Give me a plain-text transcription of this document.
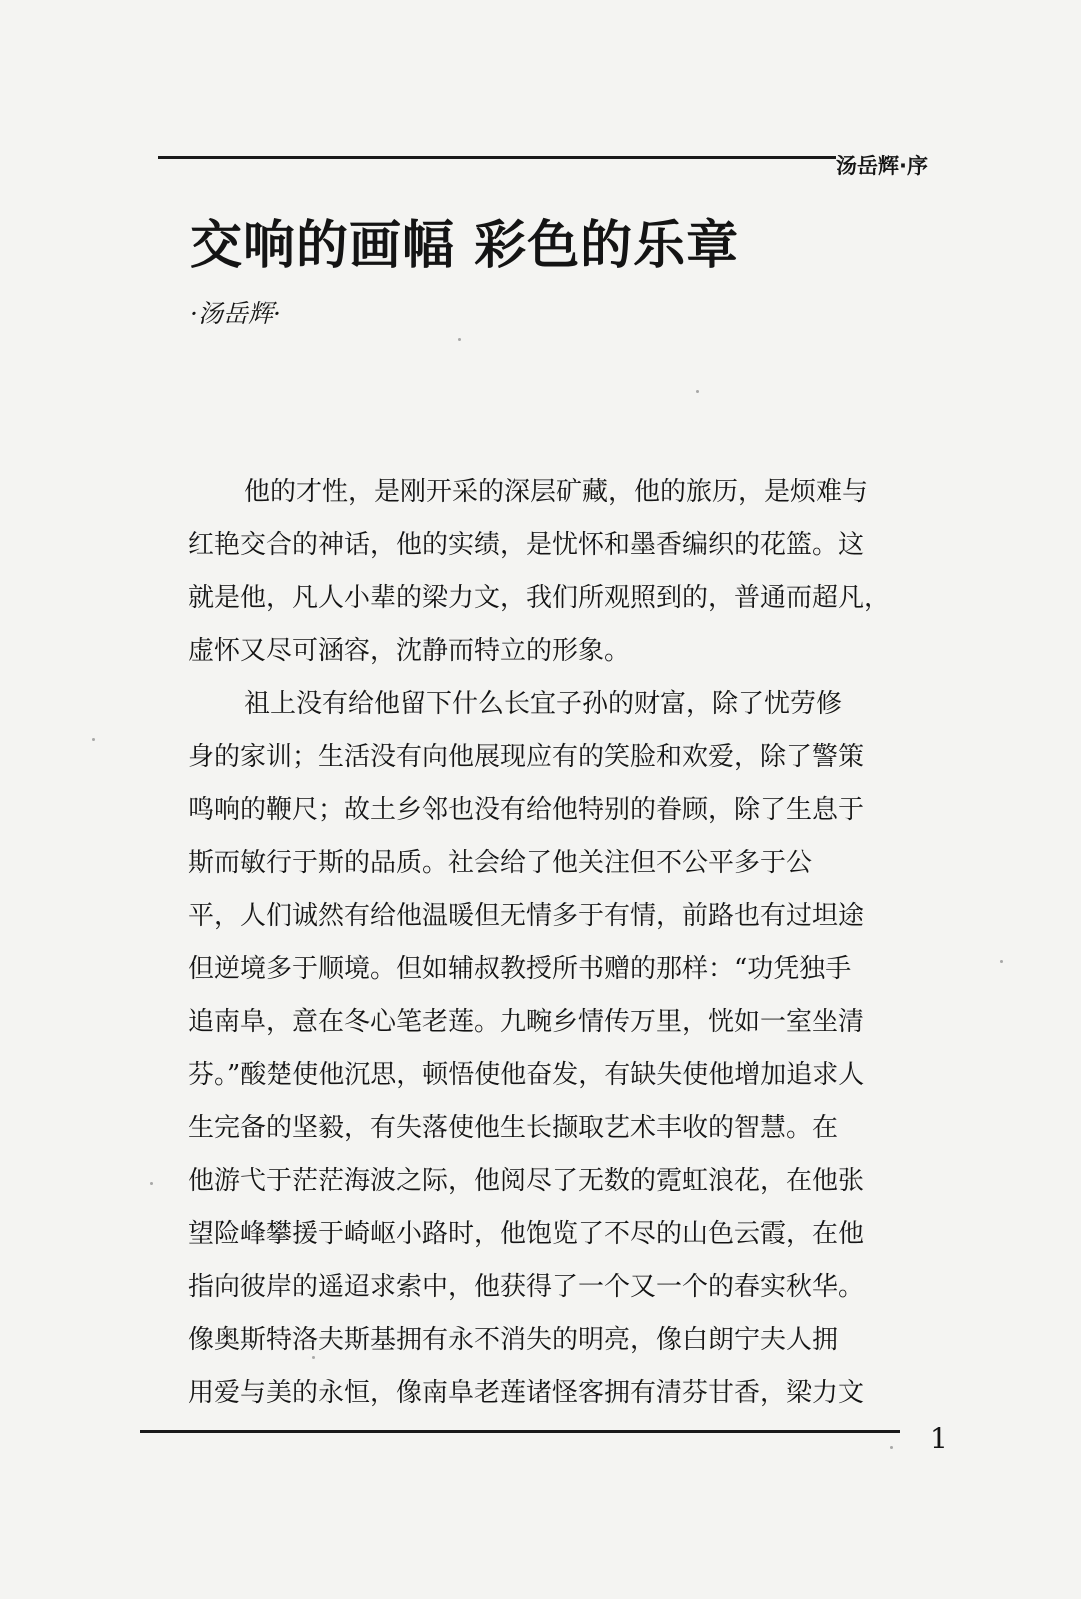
汤岳辉·序
交响的画幅 彩色的乐章
·汤岳辉·
他的才性，是刚开采的深层矿藏，他的旅历，是烦难与
红艳交合的神话，他的实绩，是忧怀和墨香编织的花篮。这
就是他，凡人小辈的梁力文，我们所观照到的，普通而超凡，
虚怀又尽可涵容，沈静而特立的形象。
祖上没有给他留下什么长宜子孙的财富，除了忧劳修
身的家训；生活没有向他展现应有的笑脸和欢爱，除了警策
鸣响的鞭尺；故土乡邻也没有给他特别的眷顾，除了生息于
斯而敏行于斯的品质。社会给了他关注但不公平多于公
平，人们诚然有给他温暖但无情多于有情，前路也有过坦途
但逆境多于顺境。但如辅叔教授所书赠的那样：“功凭独手
追南阜，意在冬心笔老莲。九畹乡情传万里，恍如一室坐清
芬。”酸楚使他沉思，顿悟使他奋发，有缺失使他增加追求人
生完备的坚毅，有失落使他生长撷取艺术丰收的智慧。在
他游弋于茫茫海波之际，他阅尽了无数的霓虹浪花，在他张
望险峰攀援于崎岖小路时，他饱览了不尽的山色云霞，在他
指向彼岸的遥迢求索中，他获得了一个又一个的春实秋华。
像奥斯特洛夫斯基拥有永不消失的明亮，像白朗宁夫人拥
用爱与美的永恒，像南阜老莲诸怪客拥有清芬甘香，梁力文
1
